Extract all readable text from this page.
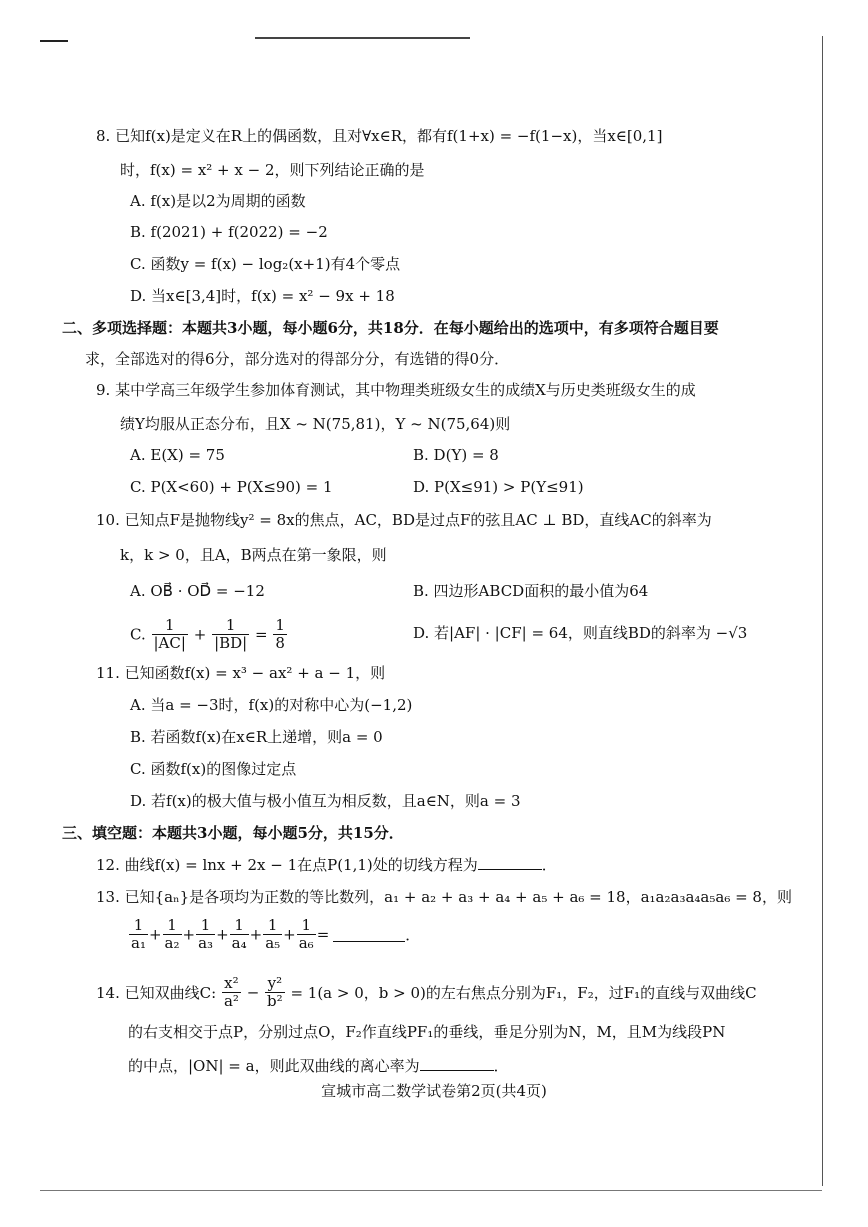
8. 已知f(x)是定义在R上的偶函数，且对∀x∈R，都有f(1+x) = −f(1−x)，当x∈[0,1]
时，f(x) = x² + x − 2，则下列结论正确的是
A. f(x)是以2为周期的函数
B. f(2021) + f(2022) = −2
C. 函数y = f(x) − log₂(x+1)有4个零点
D. 当x∈[3,4]时，f(x) = x² − 9x + 18
二、多项选择题：本题共3小题，每小题6分，共18分．在每小题给出的选项中，有多项符合题目要
求，全部选对的得6分，部分选对的得部分分，有选错的得0分．
9. 某中学高三年级学生参加体育测试，其中物理类班级女生的成绩X与历史类班级女生的成
绩Y均服从正态分布，且X ~ N(75,81)，Y ~ N(75,64)则
A. E(X) = 75	B. D(Y) = 8
C. P(X<60) + P(X≤90) = 1	D. P(X≤91) > P(Y≤91)
10. 已知点F是抛物线y² = 8x的焦点，AC，BD是过点F的弦且AC ⊥ BD，直线AC的斜率为
k，k > 0，且A，B两点在第一象限，则
A. OB⃗ · OD⃗ = −12	B. 四边形ABCD面积的最小值为64
C. $\frac{1}{|AC|} + \frac{1}{|BD|} = \frac{1}{8}$	D. 若|AF| · |CF| = 64，则直线BD的斜率为 −√3
11. 已知函数f(x) = x³ − ax² + a − 1，则
A. 当a = −3时，f(x)的对称中心为(−1,2)
B. 若函数f(x)在x∈R上递增，则a = 0
C. 函数f(x)的图像过定点
D. 若f(x)的极大值与极小值互为相反数，且a∈N，则a = 3
三、填空题：本题共3小题，每小题5分，共15分．
12. 曲线f(x) = lnx + 2x − 1在点P(1,1)处的切线方程为	．
13. 已知{aₙ}是各项均为正数的等比数列，a₁ + a₂ + a₃ + a₄ + a₅ + a₆ = 18，a₁a₂a₃a₄a₅a₆ = 8，则
$\frac{1}{\text{a₁}} + \frac{1}{\text{a₂}} + \frac{1}{\text{a₃}} + \frac{1}{\text{a₄}} + \frac{1}{\text{a₅}} + \frac{1}{\text{a₆}}$ =	．
14. 已知双曲线C: $\frac{\text{x²}}{\text{a²}} - \frac{\text{y²}}{\text{b²}} = 1(a > 0$，b > 0)的左右焦点分别为F₁，F₂，过F₁的直线与双曲线C
的右支相交于点P，分别过点O，F₂作直线PF₁的垂线，垂足分别为N，M，且M为线段PN
的中点，|ON| = a，则此双曲线的离心率为	．
宣城市高二数学试卷第2页(共4页)
